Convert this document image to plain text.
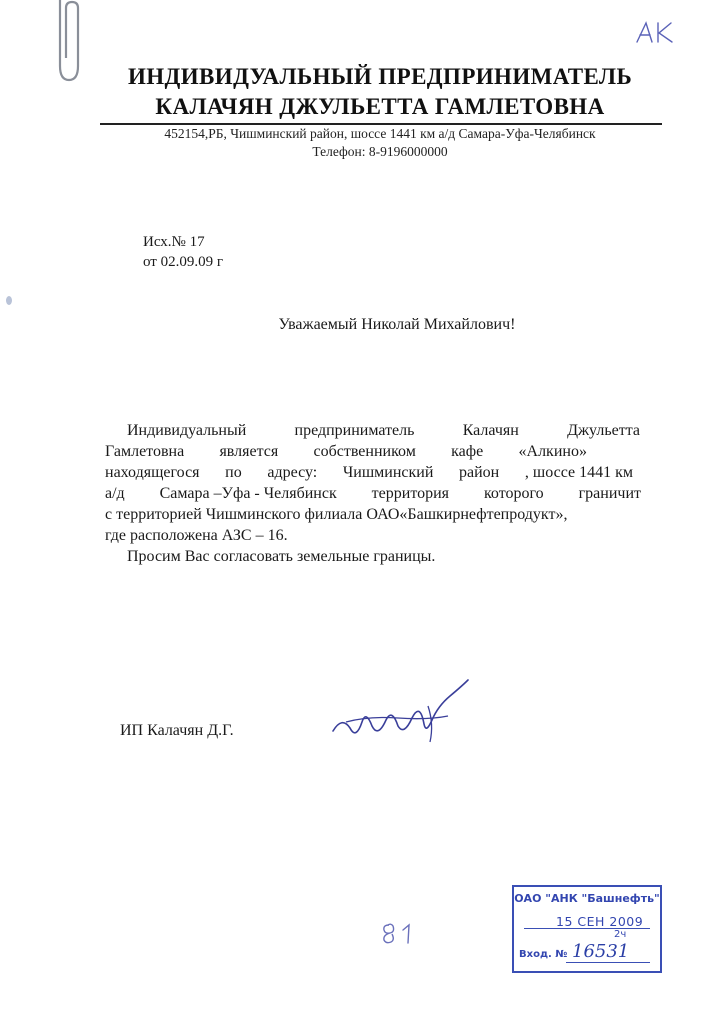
ИНДИВИДУАЛЬНЫЙ ПРЕДПРИНИМАТЕЛЬ
КАЛАЧЯН ДЖУЛЬЕТТА ГАМЛЕТОВНА
452154,РБ, Чишминский район, шоссе 1441 км а/д Самара-Уфа-Челябинск
Телефон: 8-9196000000
Исх.№ 17
от 02.09.09 г
Уважаемый Николай Михайлович!
Индивидуальный	предприниматель	Калачян	Джульетта
Гамлетовна является собственником кафе «Алкино»
находящегося по адресу: Чишминский район , шоссе 1441 км
а/д Самара –Уфа - Челябинск территория которого граничит
с территорией Чишминского филиала ОАО«Башкирнефтепродукт»,
где расположена АЗС – 16.
Просим Вас согласовать земельные границы.
ИП Калачян Д.Г.
ОАО "АНК "Башнефть"
15 СЕН 2009
2ч
Вход. № 16531
